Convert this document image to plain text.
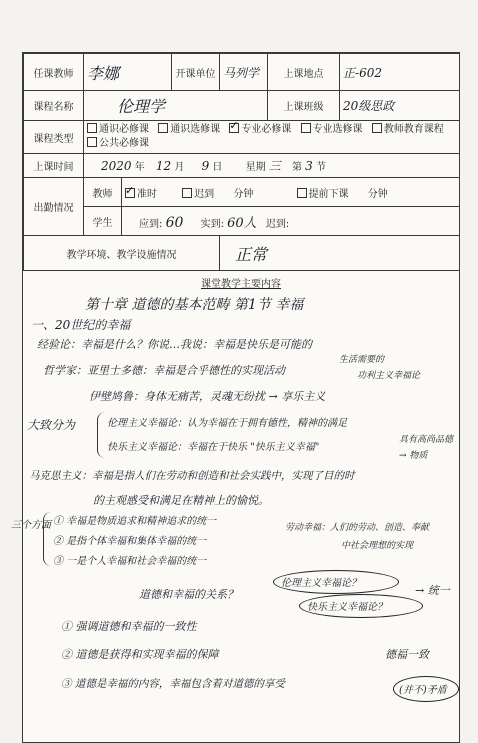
任课教师	李娜		开课单位	马列学	上课地点	正-602
课程名称	伦理学				上课班级	20级思政
课程类型	通识必修课 通识选修课 ✓ 专业必修课 专业选修课 教师教育课程 公共必修课
上课时间	2020 年 12 月 9 日 星期 三 第 3 节					
出勤情况	教师	✓准时 迟到 分钟 提前下课 分钟
	学生	应到: 60 实到: 60人 迟到:				
教学环境、教学设施情况				正常		
课堂教学主要内容
第十章 道德的基本范畴 第1节 幸福
一、20世纪的幸福
经验论：幸福是什么？你说…我说：幸福是快乐是可能的
生活需要的
哲学家：亚里士多德：幸福是合乎德性的实现活动	功利主义幸福论
伊壁鸠鲁：身体无痛苦，灵魂无纷扰 → 享乐主义
大致分为	伦理主义幸福论：认为幸福在于拥有德性，精神的满足
快乐主义幸福论：幸福在于快乐 "快乐主义幸福"
具有高尚品德
→ 物质
马克思主义：幸福是指人们在劳动和创造和社会实践中，实现了目的时
的主观感受和满足在精神上的愉悦。
三个方面 ① 幸福是物质追求和精神追求的统一
② 是指个体幸福和集体幸福的统一
③ 一是个人幸福和社会幸福的统一
劳动幸福：人们的劳动、创造、奉献
中社会理想的实现
道德和幸福的关系？
伦理主义幸福论？
快乐主义幸福论？
→ 统一
① 强调道德和幸福的一致性
② 道德是获得和实现幸福的保障
③ 道德是幸福的内容，幸福包含着对道德的享受
德福一致
(并不)矛盾
